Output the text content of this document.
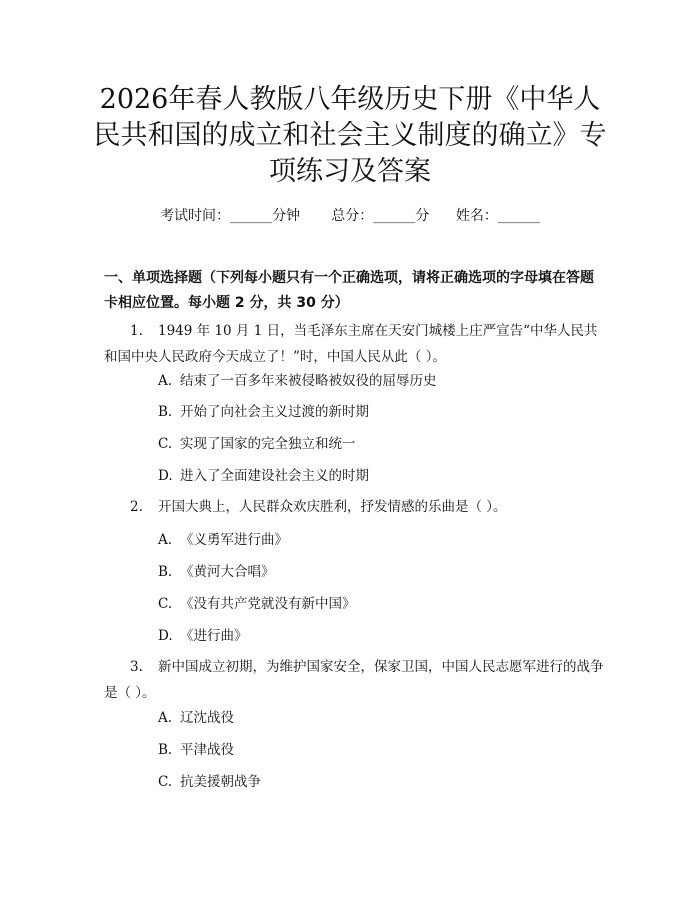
2026年春人教版八年级历史下册《中华人民共和国的成立和社会主义制度的确立》专项练习及答案
考试时间：______分钟 总分：______分 姓名：______
一、单项选择题（下列每小题只有一个正确选项，请将正确选项的字母填在答题卡相应位置。每小题 2 分，共 30 分）
1. 1949 年 10 月 1 日，当毛泽东主席在天安门城楼上庄严宣告“中华人民共和国中央人民政府今天成立了！”时，中国人民从此（ ）。
A. 结束了一百多年来被侵略被奴役的屈辱历史
B. 开始了向社会主义过渡的新时期
C. 实现了国家的完全独立和统一
D. 进入了全面建设社会主义的时期
2. 开国大典上，人民群众欢庆胜利，抒发情感的乐曲是（ ）。
A. 《义勇军进行曲》
B. 《黄河大合唱》
C. 《没有共产党就没有新中国》
D. 《进行曲》
3. 新中国成立初期，为维护国家安全，保家卫国，中国人民志愿军进行的战争是（ ）。
A. 辽沈战役
B. 平津战役
C. 抗美援朝战争
